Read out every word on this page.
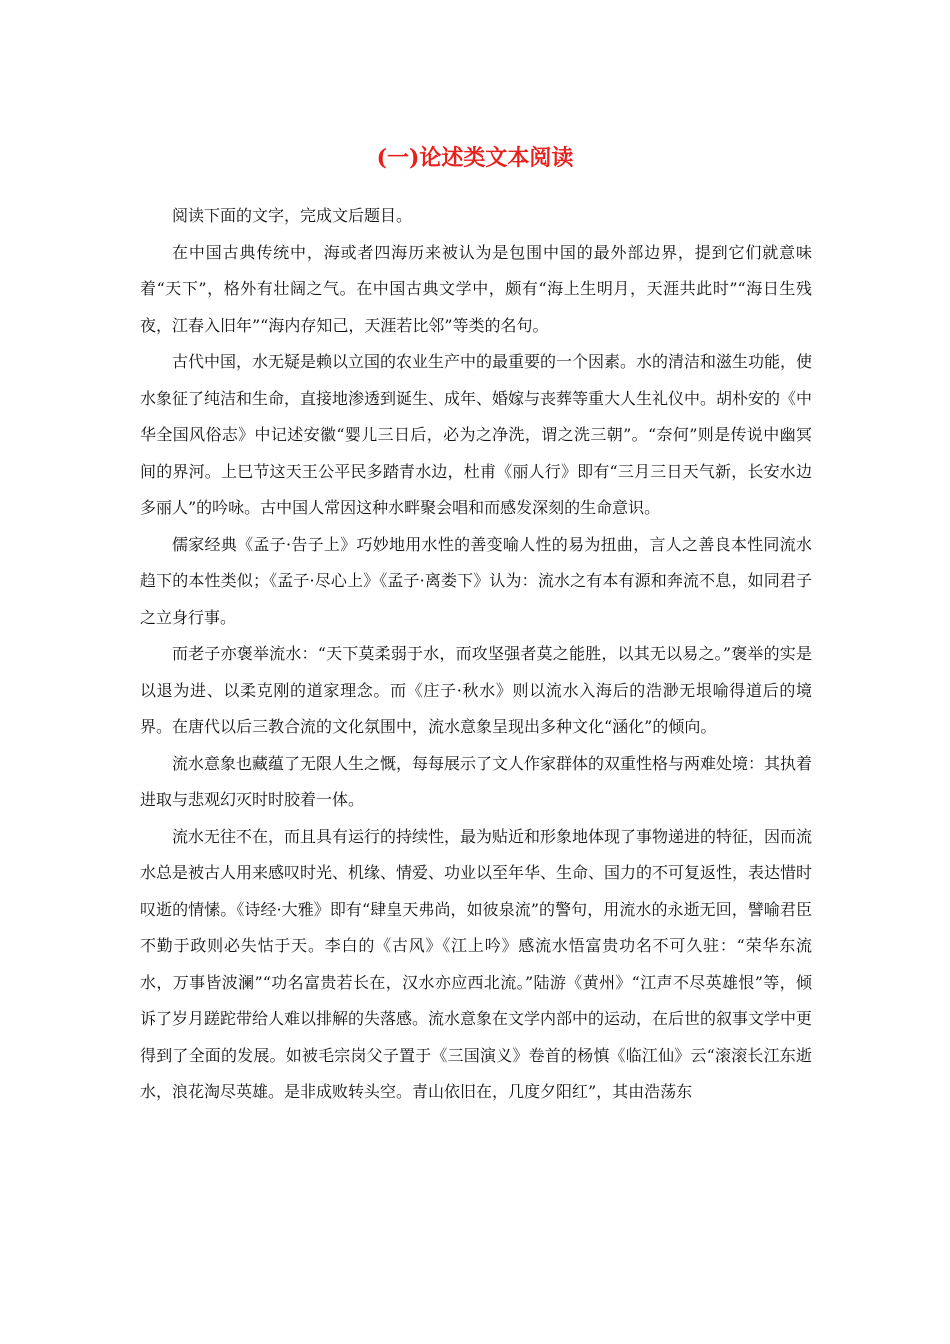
(一)论述类文本阅读

阅读下面的文字，完成文后题目。

在中国古典传统中，海或者四海历来被认为是包围中国的最外部边界，提到它们就意味着“天下”，格外有壮阔之气。在中国古典文学中，颇有“海上生明月，天涯共此时”“海日生残夜，江春入旧年”“海内存知己，天涯若比邻”等类的名句。

古代中国，水无疑是赖以立国的农业生产中的最重要的一个因素。水的清洁和滋生功能，使水象征了纯洁和生命，直接地渗透到诞生、成年、婚嫁与丧葬等重大人生礼仪中。胡朴安的《中华全国风俗志》中记述安徽“婴儿三日后，必为之净洗，谓之洗三朝”。“奈何”则是传说中幽冥间的界河。上巳节这天王公平民多踏青水边，杜甫《丽人行》即有“三月三日天气新，长安水边多丽人”的吟咏。古中国人常因这种水畔聚会唱和而感发深刻的生命意识。

儒家经典《孟子·告子上》巧妙地用水性的善变喻人性的易为扭曲，言人之善良本性同流水趋下的本性类似；《孟子·尽心上》《孟子·离娄下》认为：流水之有本有源和奔流不息，如同君子之立身行事。

而老子亦褒举流水：“天下莫柔弱于水，而攻坚强者莫之能胜，以其无以易之。”褒举的实是以退为进、以柔克刚的道家理念。而《庄子·秋水》则以流水入海后的浩渺无垠喻得道后的境界。在唐代以后三教合流的文化氛围中，流水意象呈现出多种文化“涵化”的倾向。

流水意象也藏蕴了无限人生之慨，每每展示了文人作家群体的双重性格与两难处境：其执着进取与悲观幻灭时时胶着一体。

流水无往不在，而且具有运行的持续性，最为贴近和形象地体现了事物递进的特征，因而流水总是被古人用来感叹时光、机缘、情爱、功业以至年华、生命、国力的不可复返性，表达惜时叹逝的情愫。《诗经·大雅》即有“肆皇天弗尚，如彼泉流”的警句，用流水的永逝无回，譬喻君臣不勤于政则必失怙于天。李白的《古风》《江上吟》感流水悟富贵功名不可久驻：“荣华东流水，万事皆波澜”“功名富贵若长在，汉水亦应西北流。”陆游《黄州》“江声不尽英雄恨”等，倾诉了岁月蹉跎带给人难以排解的失落感。流水意象在文学内部中的运动，在后世的叙事文学中更得到了全面的发展。如被毛宗岗父子置于《三国演义》卷首的杨慎《临江仙》云“滚滚长江东逝水，浪花淘尽英雄。是非成败转头空。青山依旧在，几度夕阳红”，其由浩荡东
